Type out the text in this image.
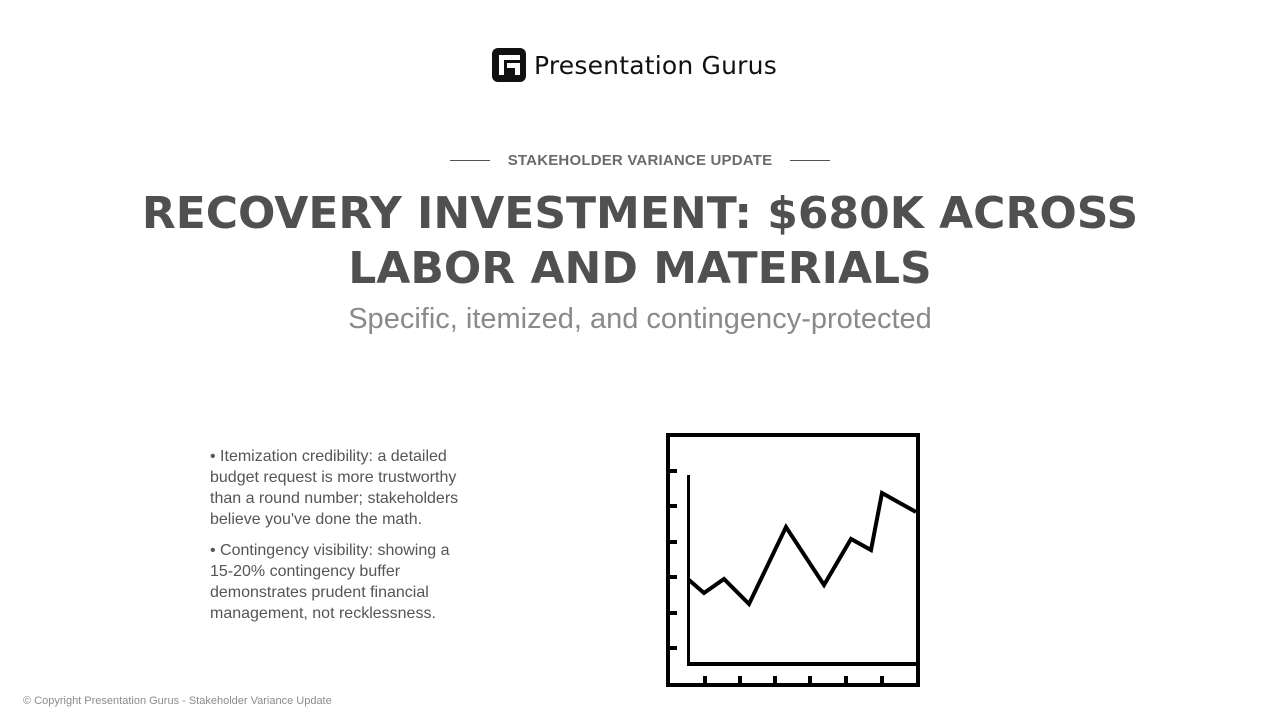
Presentation Gurus
STAKEHOLDER VARIANCE UPDATE
RECOVERY INVESTMENT: $680K ACROSS LABOR AND MATERIALS
Specific, itemized, and contingency-protected

• Itemization credibility: a detailed budget request is more trustworthy than a round number; stakeholders believe you've done the math.

• Contingency visibility: showing a 15-20% contingency buffer demonstrates prudent financial management, not recklessness.

© Copyright Presentation Gurus - Stakeholder Variance Update
